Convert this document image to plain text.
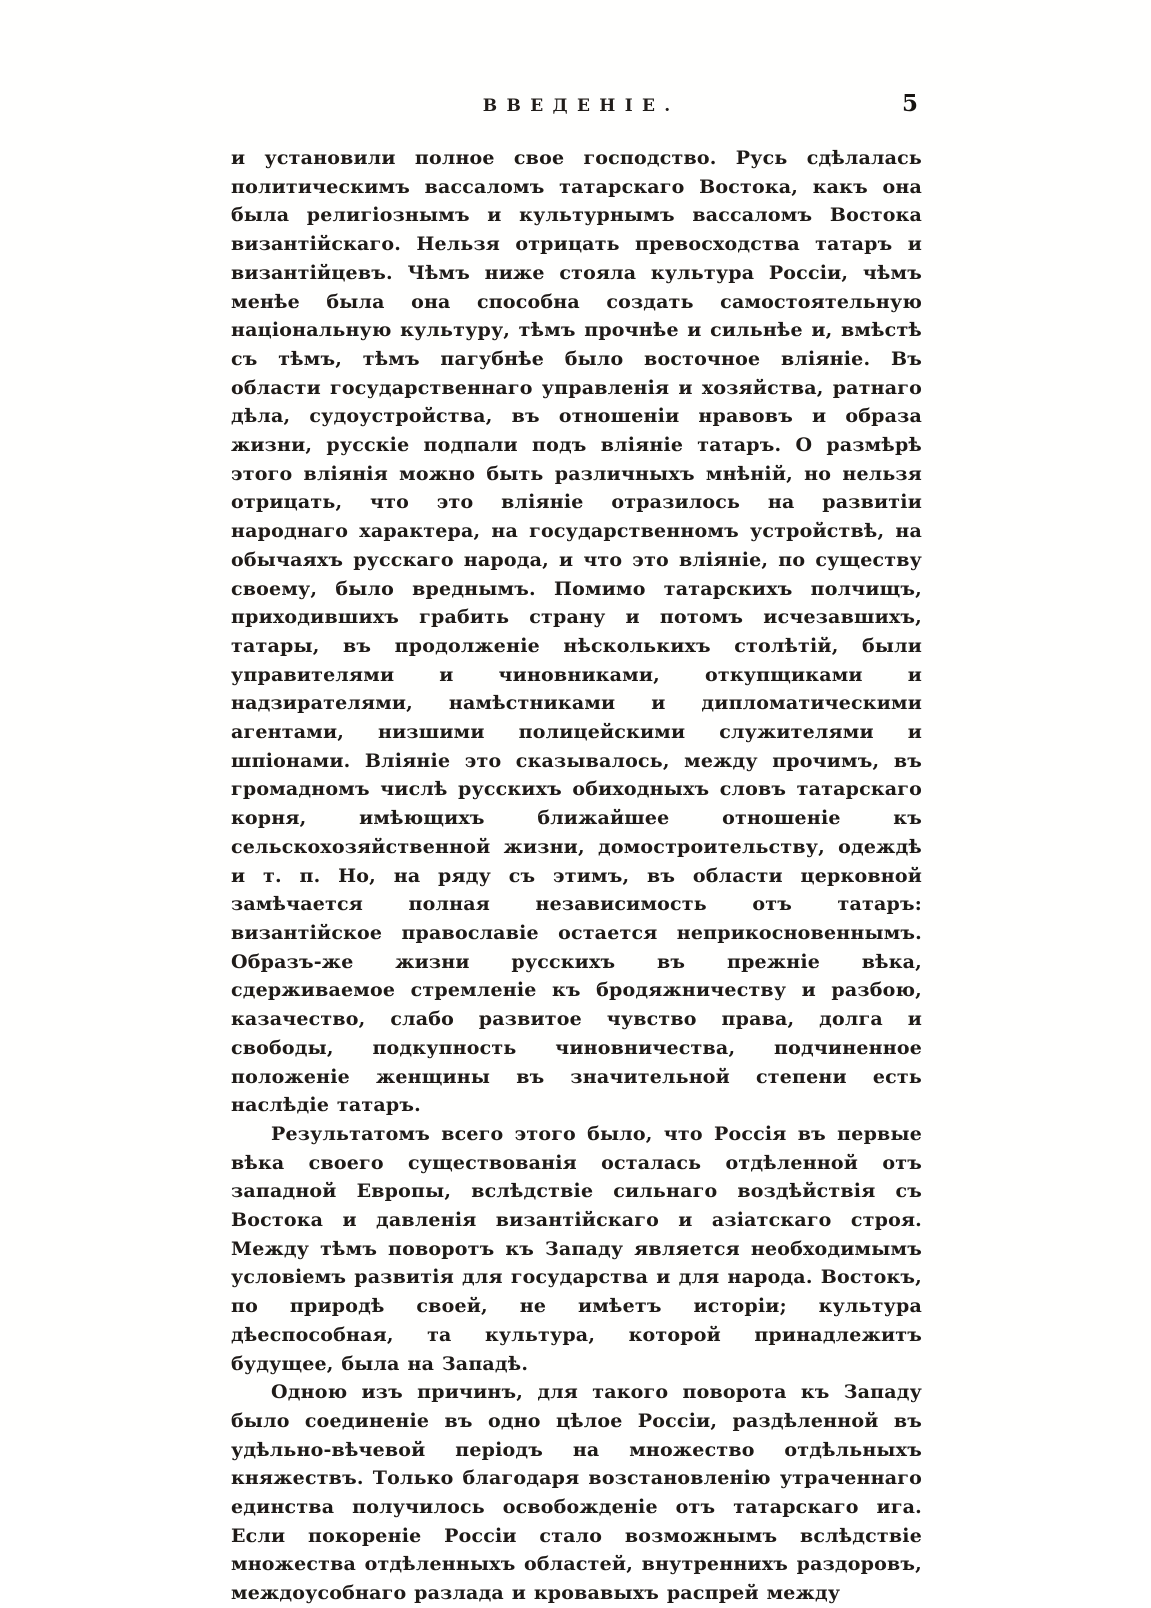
ВВЕДЕНІЕ.	5

и установили полное свое господство. Русь сдѣлалась политическимъ вассаломъ татарскаго Востока, какъ она была религіознымъ и культурнымъ вассаломъ Востока византійскаго. Нельзя отрицать превосходства татаръ и византійцевъ. Чѣмъ ниже стояла культура Россіи, чѣмъ менѣе была она способна создать самостоятельную національную культуру, тѣмъ прочнѣе и сильнѣе и, вмѣстѣ съ тѣмъ, тѣмъ пагубнѣе было восточное вліяніе. Въ области государственнаго управленія и хозяйства, ратнаго дѣла, судоустройства, въ отношеніи нравовъ и образа жизни, русскіе подпали подъ вліяніе татаръ. О размѣрѣ этого вліянія можно быть различныхъ мнѣній, но нельзя отрицать, что это вліяніе отразилось на развитіи народнаго характера, на государственномъ устройствѣ, на обычаяхъ русскаго народа, и что это вліяніе, по существу своему, было вреднымъ. Помимо татарскихъ полчищъ, приходившихъ грабить страну и потомъ исчезавшихъ, татары, въ продолженіе нѣсколькихъ столѣтій, были управителями и чиновниками, откупщиками и надзирателями, намѣстниками и дипломатическими агентами, низшими полицейскими служителями и шпіонами. Вліяніе это сказывалось, между прочимъ, въ громадномъ числѣ русскихъ обиходныхъ словъ татарскаго корня, имѣющихъ ближайшее отношеніе къ сельскохозяйственной жизни, домостроительству, одеждѣ и т. п. Но, на ряду съ этимъ, въ области церковной замѣчается полная независимость отъ татаръ: византійское православіе остается неприкосновеннымъ. Образъ-же жизни русскихъ въ прежніе вѣка, сдерживаемое стремленіе къ бродяжничеству и разбою, казачество, слабо развитое чувство права, долга и свободы, подкупность чиновничества, подчиненное положеніе женщины въ значительной степени есть наслѣдіе татаръ.

Результатомъ всего этого было, что Россія въ первые вѣка своего существованія осталась отдѣленной отъ западной Европы, вслѣдствіе сильнаго воздѣйствія съ Востока и давленія византійскаго и азіатскаго строя. Между тѣмъ поворотъ къ Западу является необходимымъ условіемъ развитія для государства и для народа. Востокъ, по природѣ своей, не имѣетъ исторіи; культура дѣеспособная, та культура, которой принадлежитъ будущее, была на Западѣ.

Одною изъ причинъ, для такого поворота къ Западу было соединеніе въ одно цѣлое Россіи, раздѣленной въ удѣльно-вѣчевой періодъ на множество отдѣльныхъ княжествъ. Только благодаря возстановленію утраченнаго единства получилось освобожденіе отъ татарскаго ига. Если покореніе Россіи стало возможнымъ вслѣдствіе множества отдѣленныхъ областей, внутреннихъ раздоровъ, междоусобнаго разлада и кровавыхъ распрей между
